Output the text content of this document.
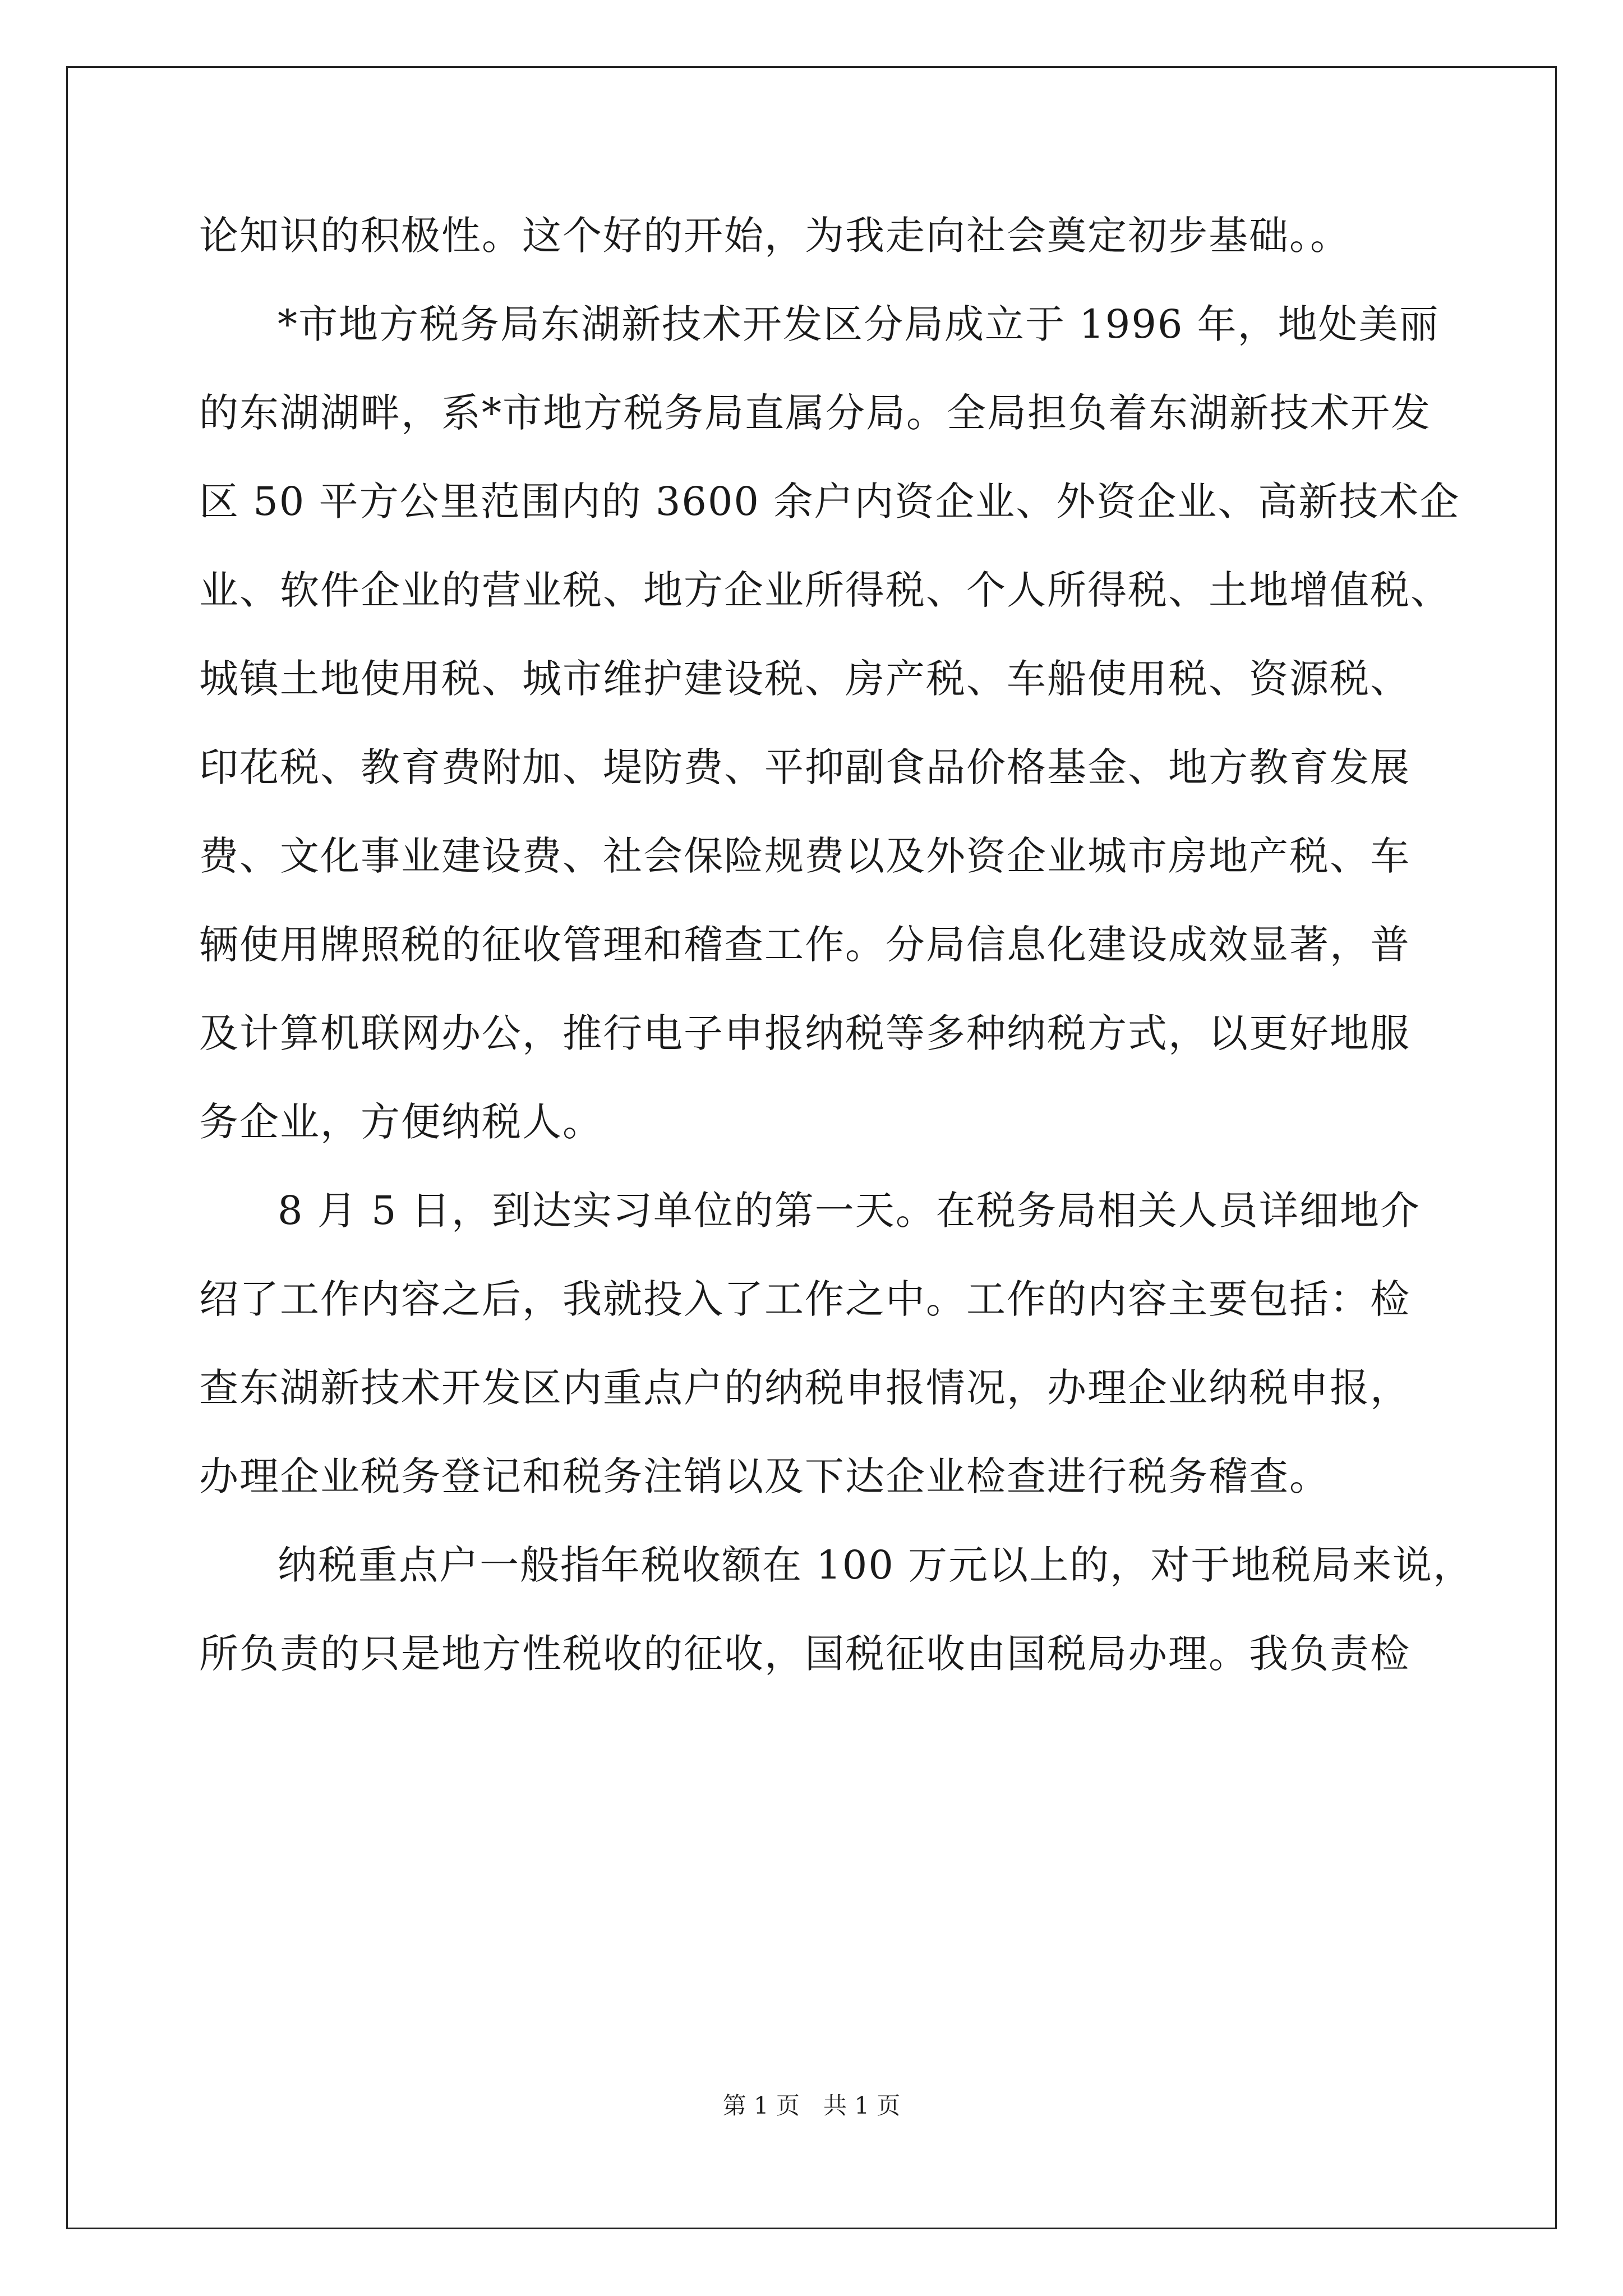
论知识的积极性。这个好的开始，为我走向社会奠定初步基础。。
*市地方税务局东湖新技术开发区分局成立于 1996 年，地处美丽
的东湖湖畔，系*市地方税务局直属分局。全局担负着东湖新技术开发
区 50 平方公里范围内的 3600 余户内资企业、外资企业、高新技术企
业、软件企业的营业税、地方企业所得税、个人所得税、土地增值税、
城镇土地使用税、城市维护建设税、房产税、车船使用税、资源税、
印花税、教育费附加、堤防费、平抑副食品价格基金、地方教育发展
费、文化事业建设费、社会保险规费以及外资企业城市房地产税、车
辆使用牌照税的征收管理和稽查工作。分局信息化建设成效显著，普
及计算机联网办公，推行电子申报纳税等多种纳税方式，以更好地服
务企业，方便纳税人。
8 月 5 日，到达实习单位的第一天。在税务局相关人员详细地介
绍了工作内容之后，我就投入了工作之中。工作的内容主要包括：检
查东湖新技术开发区内重点户的纳税申报情况，办理企业纳税申报，
办理企业税务登记和税务注销以及下达企业检查进行税务稽查。
纳税重点户一般指年税收额在 100 万元以上的，对于地税局来说，
所负责的只是地方性税收的征收，国税征收由国税局办理。我负责检
第 1 页　共 1 页
